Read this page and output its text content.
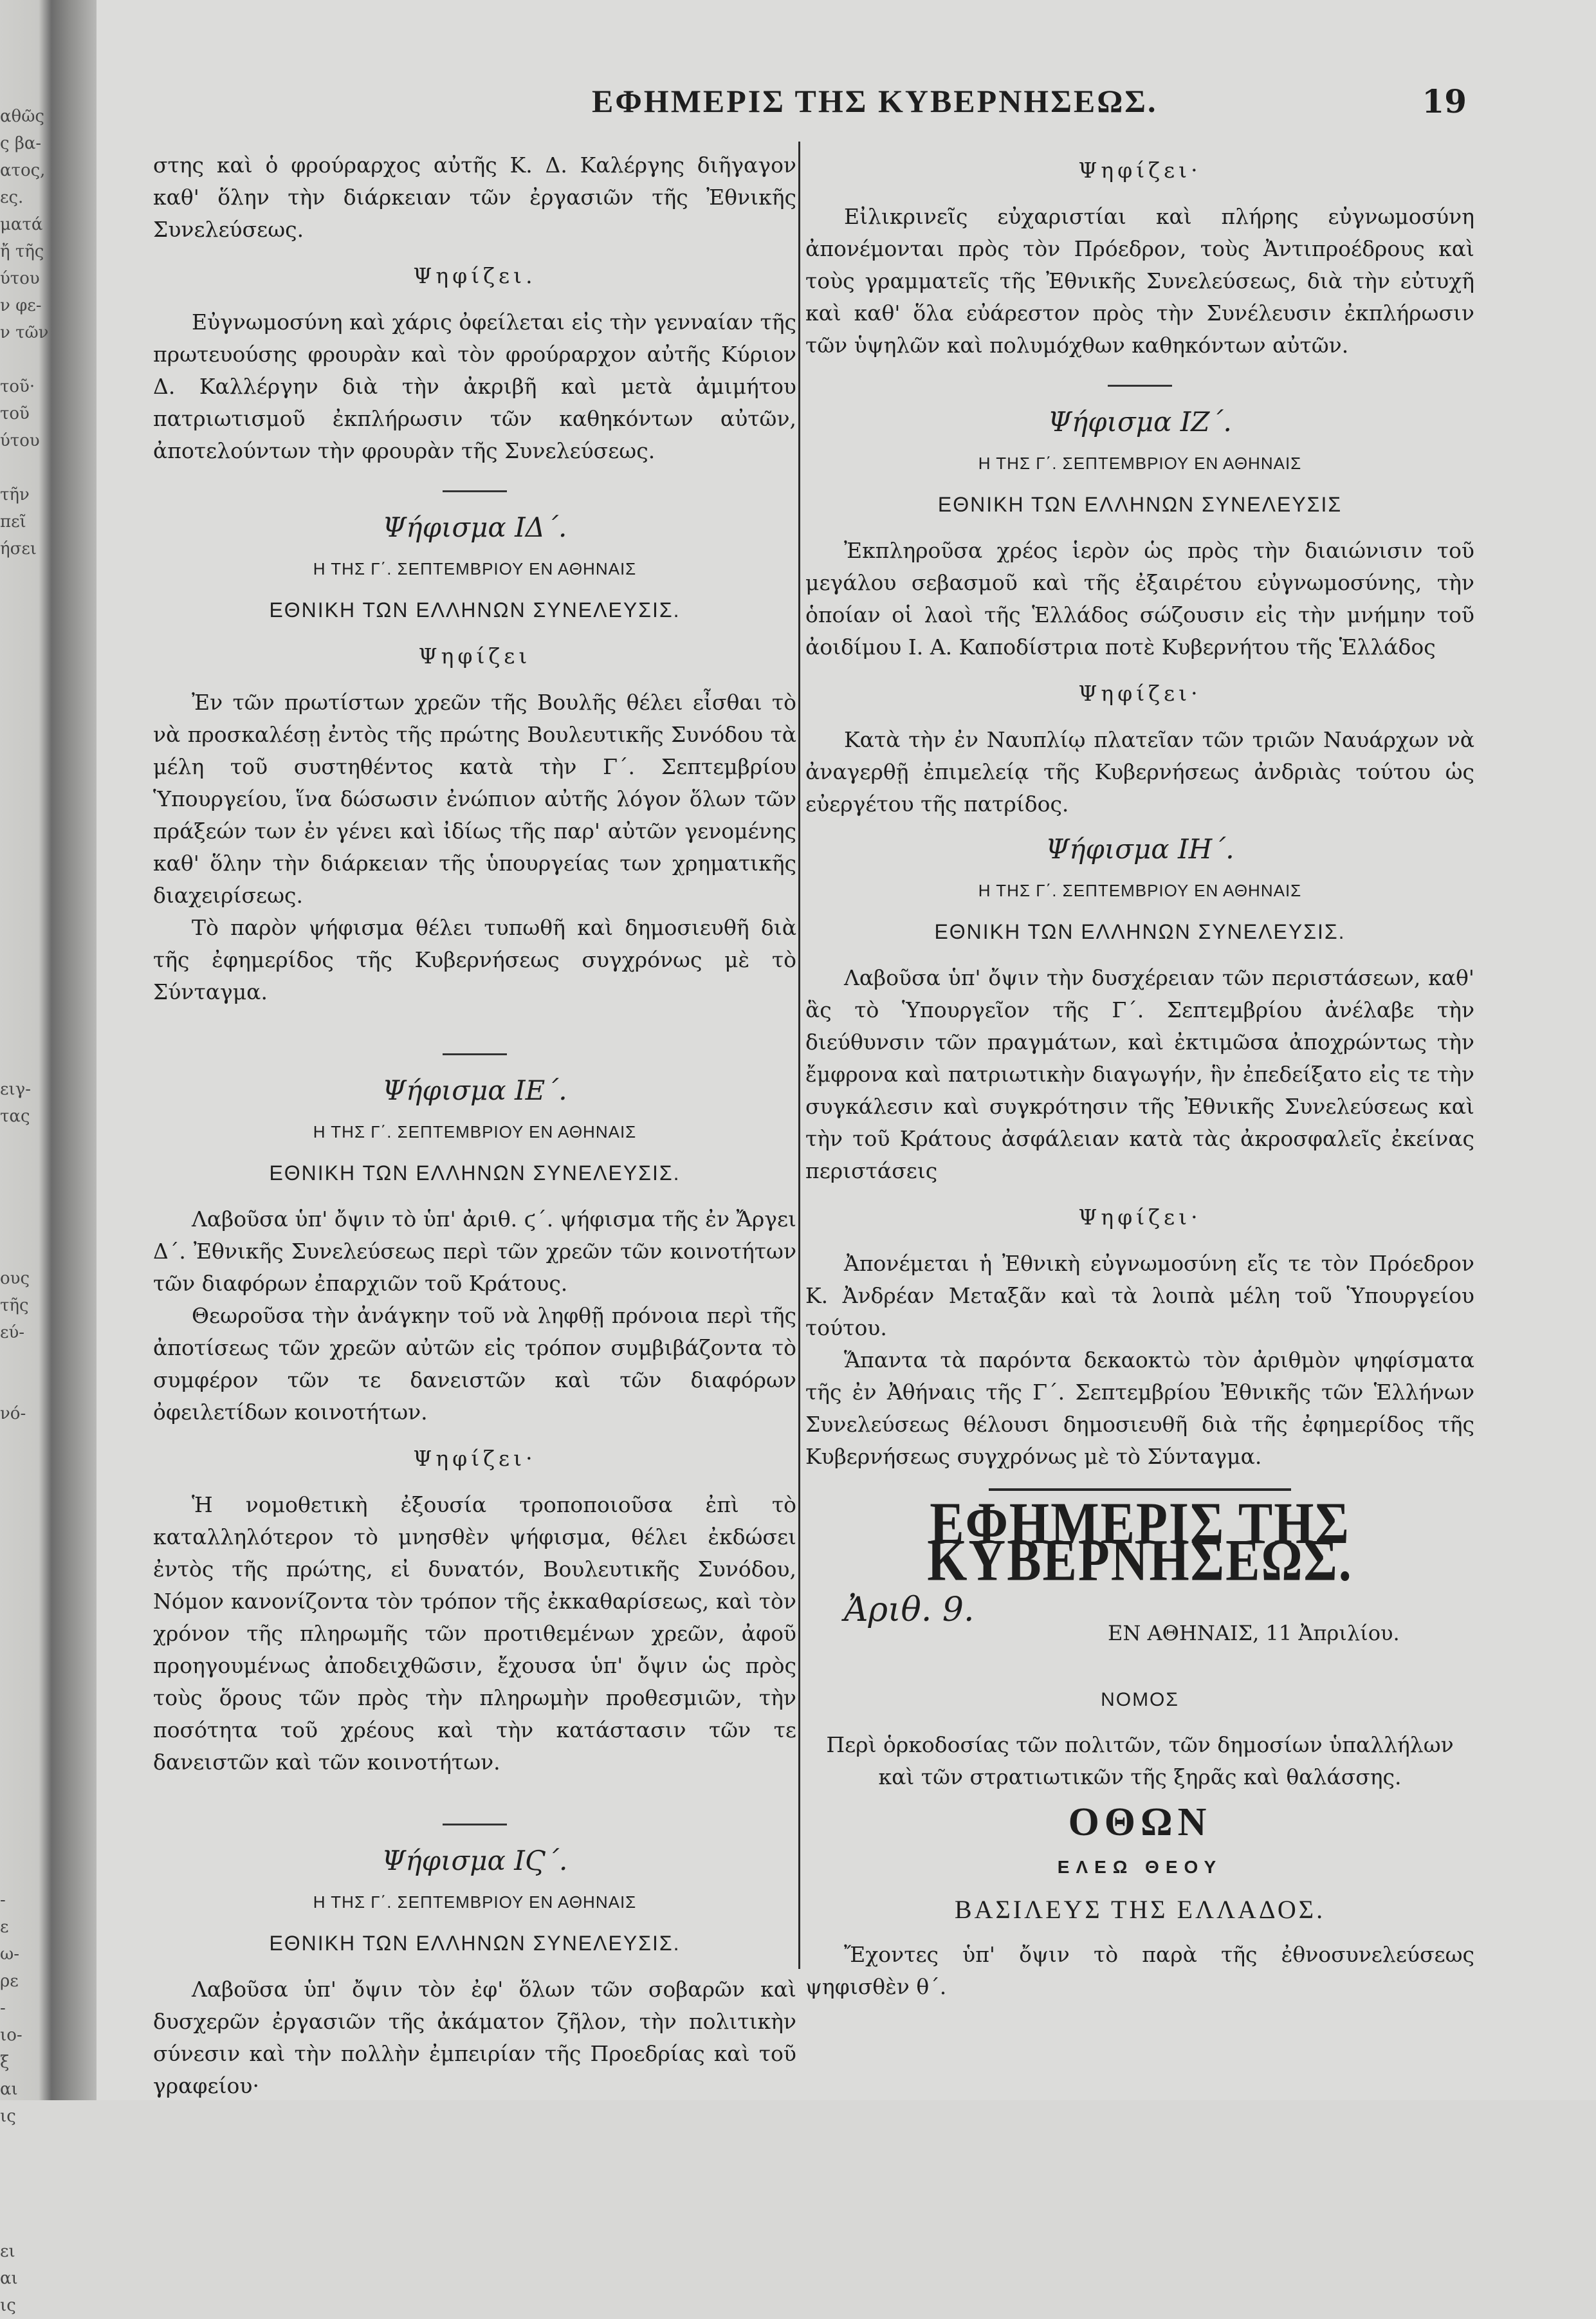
αθῶς
ς βα-
ατος,
ες.
ματά
ἤ τῆς
ύτου
ν φε-
ν τῶν
τοῦ·
τοῦ
ύτου
τῆν
πεῖ
ήσει
ειγ-
τας
ους
τῆς
εύ-
νό-
-
ε
ω-
ρε
-
ιο-
ξ
αι
ις
ει
αι
ις
ΕΦΗΜΕΡΙΣ ΤΗΣ ΚΥΒΕΡΝΗΣΕΩΣ.	19

στης καὶ ὁ φρούραρχος αὐτῆς Κ. Δ. Καλέργης διῆγαγον καθ' ὅλην τὴν διάρκειαν τῶν ἐργασιῶν τῆς Ἐθνικῆς Συνελεύσεως.

Ψηφίζει.

Εὐγνωμοσύνη καὶ χάρις ὀφείλεται εἰς τὴν γενναίαν τῆς πρωτευούσης φρουρὰν καὶ τὸν φρούραρχον αὐτῆς Κύριον Δ. Καλλέργην διὰ τὴν ἀκριβῆ καὶ μετὰ ἀμιμήτου πατριωτισμοῦ ἐκπλήρωσιν τῶν καθηκόντων αὐτῶν, ἀποτελούντων τὴν φρουρὰν τῆς Συνελεύσεως.

Ψήφισμα ΙΔ΄.
Η ΤΗΣ Γ΄. ΣΕΠΤΕΜΒΡΙΟΥ ΕΝ ΑΘΗΝΑΙΣ
ΕΘΝΙΚΗ ΤΩΝ ΕΛΛΗΝΩΝ ΣΥΝΕΛΕΥΣΙΣ.
Ψηφίζει

Ἐν τῶν πρωτίστων χρεῶν τῆς Βουλῆς θέλει εἶσθαι τὸ νὰ προσκαλέσῃ ἐντὸς τῆς πρώτης Βουλευτικῆς Συνόδου τὰ μέλη τοῦ συστηθέντος κατὰ τὴν Γ΄. Σεπτεμβρίου Ὑπουργείου, ἵνα δώσωσιν ἐνώπιον αὐτῆς λόγον ὅλων τῶν πράξεών των ἐν γένει καὶ ἰδίως τῆς παρ' αὐτῶν γενομένης καθ' ὅλην τὴν διάρκειαν τῆς ὑπουργείας των χρηματικῆς διαχειρίσεως.

Τὸ παρὸν ψήφισμα θέλει τυπωθῆ καὶ δημοσιευθῆ διὰ τῆς ἐφημερίδος τῆς Κυβερνήσεως συγχρόνως μὲ τὸ Σύνταγμα.

Ψήφισμα ΙΕ΄.
Η ΤΗΣ Γ΄. ΣΕΠΤΕΜΒΡΙΟΥ ΕΝ ΑΘΗΝΑΙΣ
ΕΘΝΙΚΗ ΤΩΝ ΕΛΛΗΝΩΝ ΣΥΝΕΛΕΥΣΙΣ.

Λαβοῦσα ὑπ' ὄψιν τὸ ὑπ' ἀριθ. ϛ΄. ψήφισμα τῆς ἐν Ἄργει Δ΄. Ἐθνικῆς Συνελεύσεως περὶ τῶν χρεῶν τῶν κοινοτήτων τῶν διαφόρων ἐπαρχιῶν τοῦ Κράτους.

Θεωροῦσα τὴν ἀνάγκην τοῦ νὰ ληφθῇ πρόνοια περὶ τῆς ἀποτίσεως τῶν χρεῶν αὐτῶν εἰς τρόπον συμβιβάζοντα τὸ συμφέρον τῶν τε δανειστῶν καὶ τῶν διαφόρων ὀφειλετίδων κοινοτήτων.

Ψηφίζει·

Ἡ νομοθετικὴ ἐξουσία τροποποιοῦσα ἐπὶ τὸ καταλληλότερον τὸ μνησθὲν ψήφισμα, θέλει ἐκδώσει ἐντὸς τῆς πρώτης, εἰ δυνατόν, Βουλευτικῆς Συνόδου, Νόμον κανονίζοντα τὸν τρόπον τῆς ἐκκαθαρίσεως, καὶ τὸν χρόνον τῆς πληρωμῆς τῶν προτιθεμένων χρεῶν, ἀφοῦ προηγουμένως ἀποδειχθῶσιν, ἔχουσα ὑπ' ὄψιν ὡς πρὸς τοὺς ὅρους τῶν πρὸς τὴν πληρωμὴν προθεσμιῶν, τὴν ποσότητα τοῦ χρέους καὶ τὴν κατάστασιν τῶν τε δανειστῶν καὶ τῶν κοινοτήτων.

Ψήφισμα ΙϚ΄.
Η ΤΗΣ Γ΄. ΣΕΠΤΕΜΒΡΙΟΥ ΕΝ ΑΘΗΝΑΙΣ
ΕΘΝΙΚΗ ΤΩΝ ΕΛΛΗΝΩΝ ΣΥΝΕΛΕΥΣΙΣ.

Λαβοῦσα ὑπ' ὄψιν τὸν ἐφ' ὅλων τῶν σοβαρῶν καὶ δυσχερῶν ἐργασιῶν τῆς ἀκάματον ζῆλον, τὴν πολιτικὴν σύνεσιν καὶ τὴν πολλὴν ἐμπειρίαν τῆς Προεδρίας καὶ τοῦ γραφείου·

Ψηφίζει·

Εἰλικρινεῖς εὐχαριστίαι καὶ πλήρης εὐγνωμοσύνη ἀπονέμονται πρὸς τὸν Πρόεδρον, τοὺς Ἀντιπροέδρους καὶ τοὺς γραμματεῖς τῆς Ἐθνικῆς Συνελεύσεως, διὰ τὴν εὐτυχῆ καὶ καθ' ὅλα εὐάρεστον πρὸς τὴν Συνέλευσιν ἐκπλήρωσιν τῶν ὑψηλῶν καὶ πολυμόχθων καθηκόντων αὐτῶν.

Ψήφισμα ΙΖ΄.
Η ΤΗΣ Γ΄. ΣΕΠΤΕΜΒΡΙΟΥ ΕΝ ΑΘΗΝΑΙΣ
ΕΘΝΙΚΗ ΤΩΝ ΕΛΛΗΝΩΝ ΣΥΝΕΛΕΥΣΙΣ

Ἐκπληροῦσα χρέος ἱερὸν ὡς πρὸς τὴν διαιώνισιν τοῦ μεγάλου σεβασμοῦ καὶ τῆς ἐξαιρέτου εὐγνωμοσύνης, τὴν ὁποίαν οἱ λαοὶ τῆς Ἑλλάδος σώζουσιν εἰς τὴν μνήμην τοῦ ἀοιδίμου Ι. Α. Καποδίστρια ποτὲ Κυβερνήτου τῆς Ἑλλάδος

Ψηφίζει·

Κατὰ τὴν ἐν Ναυπλίῳ πλατεῖαν τῶν τριῶν Ναυάρχων νὰ ἀναγερθῇ ἐπιμελείᾳ τῆς Κυβερνήσεως ἀνδριὰς τούτου ὡς εὐεργέτου τῆς πατρίδος.

Ψήφισμα ΙΗ΄.
Η ΤΗΣ Γ΄. ΣΕΠΤΕΜΒΡΙΟΥ ΕΝ ΑΘΗΝΑΙΣ
ΕΘΝΙΚΗ ΤΩΝ ΕΛΛΗΝΩΝ ΣΥΝΕΛΕΥΣΙΣ.

Λαβοῦσα ὑπ' ὄψιν τὴν δυσχέρειαν τῶν περιστάσεων, καθ' ἃς τὸ Ὑπουργεῖον τῆς Γ΄. Σεπτεμβρίου ἀνέλαβε τὴν διεύθυνσιν τῶν πραγμάτων, καὶ ἐκτιμῶσα ἀποχρώντως τὴν ἔμφρονα καὶ πατριωτικὴν διαγωγήν, ἣν ἐπεδείξατο εἰς τε τὴν συγκάλεσιν καὶ συγκρότησιν τῆς Ἐθνικῆς Συνελεύσεως καὶ τὴν τοῦ Κράτους ἀσφάλειαν κατὰ τὰς ἀκροσφαλεῖς ἐκείνας περιστάσεις

Ψηφίζει·

Ἀπονέμεται ἡ Ἐθνικὴ εὐγνωμοσύνη εἴς τε τὸν Πρόεδρον Κ. Ἀνδρέαν Μεταξᾶν καὶ τὰ λοιπὰ μέλη τοῦ Ὑπουργείου τούτου.

Ἅπαντα τὰ παρόντα δεκαοκτὼ τὸν ἀριθμὸν ψηφίσματα τῆς ἐν Ἀθήναις τῆς Γ΄. Σεπτεμβρίου Ἐθνικῆς τῶν Ἑλλήνων Συνελεύσεως θέλουσι δημοσιευθῆ διὰ τῆς ἐφημερίδος τῆς Κυβερνήσεως συγχρόνως μὲ τὸ Σύνταγμα.

ΕΦΗΜΕΡΙΣ ΤΗΣ ΚΥΒΕΡΝΗΣΕΩΣ.
Ἀριθ. 9.
ΕΝ ΑΘΗΝΑΙΣ, 11 Ἀπριλίου.
ΝΟΜΟΣ

Περὶ ὁρκοδοσίας τῶν πολιτῶν, τῶν δημοσίων ὑπαλλήλων καὶ τῶν στρατιωτικῶν τῆς ξηρᾶς καὶ θαλάσσης.

ΟΘΩΝ
ΕΛΕΩ ΘΕΟΥ
ΒΑΣΙΛΕΥΣ ΤΗΣ ΕΛΛΑΔΟΣ.

Ἔχοντες ὑπ' ὄψιν τὸ παρὰ τῆς ἐθνοσυνελεύσεως ψηφισθὲν θ΄.
